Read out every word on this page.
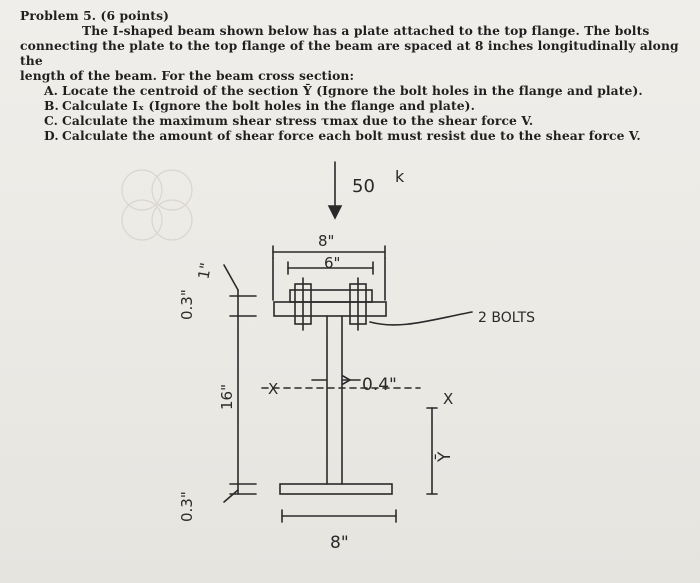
Problem 5. (6 points)

The I-shaped beam shown below has a plate attached to the top flange. The bolts

connecting the plate to the top flange of the beam are spaced at 8 inches longitudinally along the

length of the beam. For the beam cross section:

A. Locate the centroid of the section Ȳ (Ignore the bolt holes in the flange and plate).
B. Calculate Iₓ (Ignore the bolt holes in the flange and plate).
C. Calculate the maximum shear stress τmax due to the shear force V.
D. Calculate the amount of shear force each bolt must resist due to the shear force V.
50 k
8"
6"
1"
0.3"
16"
0.3"
0.4"
8"
2 BOLTS
X
X
Ȳ
